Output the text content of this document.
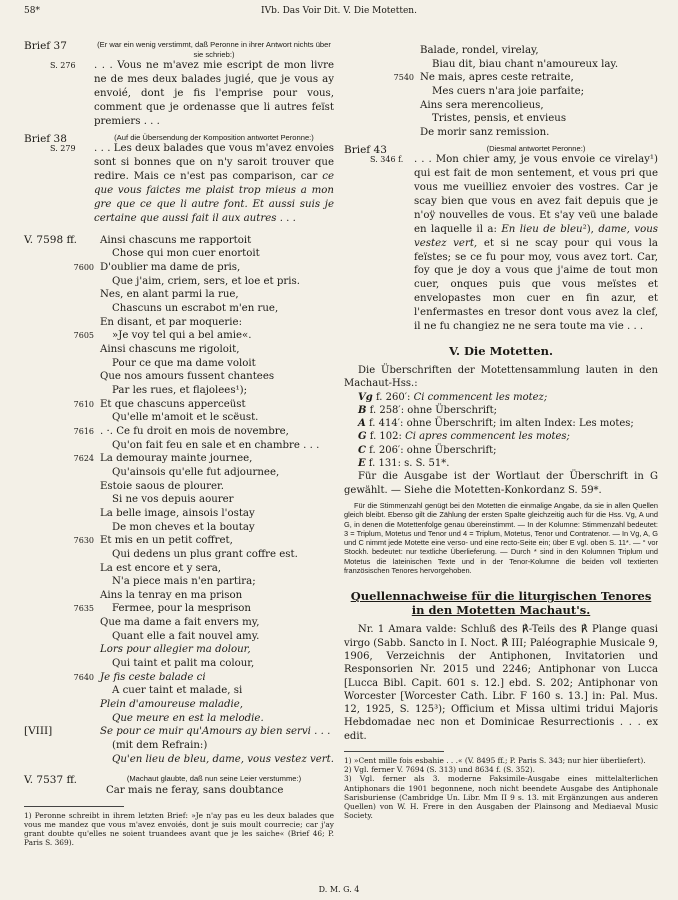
58*	IVb. Das Voir Dit. V. Die Motetten.
Brief 37	(Er war ein wenig verstimmt, daß Peronne in ihrer Antwort nichts über sie schrieb:)
S. 276 . . . Vous ne m'avez mie escript de mon livre ne de mes deux balades jugié, que je vous ay envoié, dont je fis l'emprise pour vous, comment que je ordenasse que li autres feïst premiers . . .
Brief 38	(Auf die Übersendung der Komposition antwortet Peronne:)
S. 279 . . . Les deux balades que vous m'avez envoies sont si bonnes que on n'y saroit trouver que redire. Mais ce n'est pas comparison, car ce que vous faictes me plaist trop mieus a mon gre que ce que li autre font. Et aussi suis je certaine que aussi fait il aux autres . . .
V. 7598 ff. Ainsi chascuns me rapportoit
Chose qui mon cuer enortoit
7600 D'oublier ma dame de pris,
Que j'aim, criem, sers, et loe et pris.
Nes, en alant parmi la rue,
Chascuns un escrabot m'en rue,
En disant, et par moquerie:
7605 »Je voy tel qui a bel amie«.
Ainsi chascuns me rigoloit,
Pour ce que ma dame voloit
Que nos amours fussent chantees
Par les rues, et flajolees¹);
7610 Et que chascuns apperceüst
Qu'elle m'amoit et le scëust.
7616 . ·. Ce fu droit en mois de novembre,
Qu'on fait feu en sale et en chambre . . .
7624 La demouray mainte journee,
Qu'ainsois qu'elle fut adjournee,
Estoie saous de plourer.
Si ne vos depuis aourer
La belle image, ainsois l'ostay
De mon cheves et la boutay
7630 Et mis en un petit coffret,
Qui dedens un plus grant coffre est.
La est encore et y sera,
N'a piece mais n'en partira;
Ains la tenray en ma prison
7635 Fermee, pour la mesprison
Que ma dame a fait envers my,
Quant elle a fait nouvel amy.
Lors pour allegier ma dolour,
Qui taint et palit ma colour,
7640 Je fis ceste balade ci
A cuer taint et malade, si
Plein d'amoureuse maladie,
Que meure en est la melodie.
[VIII]	Se pour ce muir qu'Amours ay bien servi . . .
(mit dem Refrain:)
Qu'en lieu de bleu, dame, vous vestez vert.
V. 7537 ff.	(Machaut glaubte, daß nun seine Leier verstumme:)
Car mais ne feray, sans doubtance
1) Peronne schreibt in ihrem letzten Brief: »Je n'ay pas eu les deux balades que vous me mandez que vous m'avez envoiés, dont je suis moult courrecie; car j'ay grant doubte qu'elles ne soient truandees avant que je les saiche« (Brief 46; P. Paris S. 369).
Balade, rondel, virelay,
Biau dit, biau chant n'amoureux lay.
7540 Ne mais, apres ceste retraite,
Mes cuers n'ara joie parfaite;
Ains sera merencolieus,
Tristes, pensis, et envieus
De morir sanz remission.
Brief 43	(Diesmal antwortet Peronne:)
S. 346 f. . . . Mon chier amy, je vous envoie ce virelay¹) qui est fait de mon sentement, et vous pri que vous me vueilliez envoier des vostres. Car je scay bien que vous en avez fait depuis que je n'oÿ nouvelles de vous. Et s'ay veü une balade en laquelle il a: En lieu de bleu²), dame, vous vestez vert, et si ne scay pour qui vous la feïstes; se ce fu pour moy, vous avez tort. Car, foy que je doy a vous que j'aime de tout mon cuer, onques puis que vous meïstes et envelopastes mon cuer en fin azur, et l'enfermastes en tresor dont vous avez la clef, il ne fu changiez ne ne sera toute ma vie . . .
V. Die Motetten.
Die Überschriften der Motettensammlung lauten in den Machaut-Hss.:
Vg f. 260′: Ci commencent les motez;
B f. 258′: ohne Überschrift;
A f. 414′: ohne Überschrift; im alten Index: Les motes;
G f. 102: Ci apres commencent les motes;
C f. 206′: ohne Überschrift;
E f. 131: s. S. 51*.
Für die Ausgabe ist der Wortlaut der Überschrift in G gewählt. — Siehe die Motetten-Konkordanz S. 59*.
Für die Stimmenzahl genügt bei den Motetten die einmalige Angabe, da sie in allen Quellen gleich bleibt. Ebenso gilt die Zählung der ersten Spalte gleichzeitig auch für die Hss. Vg, A und G, in denen die Motettenfolge genau übereinstimmt. — In der Kolumne: Stimmenzahl bedeutet: 3 = Triplum, Motetus und Tenor und 4 = Triplum, Motetus, Tenor und Contratenor. — In Vg, A, G und C nimmt jede Motette eine verso- und eine recto-Seite ein; über E vgl. oben S. 11*. — ° vor Stockh. bedeutet: nur textliche Überlieferung. — Durch * sind in den Kolumnen Triplum und Motetus die lateinischen Texte und in der Tenor-Kolumne die beiden voll textierten französischen Tenores hervorgehoben.
Quellennachweise für die liturgischen Tenores in den Motetten Machaut's.
Nr. 1 Amara valde: Schluß des ℟-Teils des ℟ Plange quasi virgo (Sabb. Sancto in I. Noct. ℟ III; Paléographie Musicale 9, 1906, Verzeichnis der Antiphonen, Invitatorien und Responsorien Nr. 2015 und 2246; Antiphonar von Lucca [Lucca Bibl. Capit. 601 s. 12.] ebd. S. 202; Antiphonar von Worcester [Worcester Cath. Libr. F 160 s. 13.] in: Pal. Mus. 12, 1925, S. 125³); Officium et Missa ultimi tridui Majoris Hebdomadae nec non et Dominicae Resurrectionis . . . ex edit.
1) »Cent mille fois esbahie . . .« (V. 8495 ff.; P. Paris S. 343; nur hier überliefert).
2) Vgl. ferner V. 7694 (S. 313) und 8634 f. (S. 352).
3) Vgl. ferner als 3. moderne Faksimile-Ausgabe eines mittelalterlichen Antiphonars die 1901 begonnene, noch nicht beendete Ausgabe des Antiphonale Sarisburiense (Cambridge Un. Libr. Mm II 9 s. 13. mit Ergänzungen aus anderen Quellen) von W. H. Frere in den Ausgaben der Plainsong and Mediaeval Music Society.
D. M. G. 4
